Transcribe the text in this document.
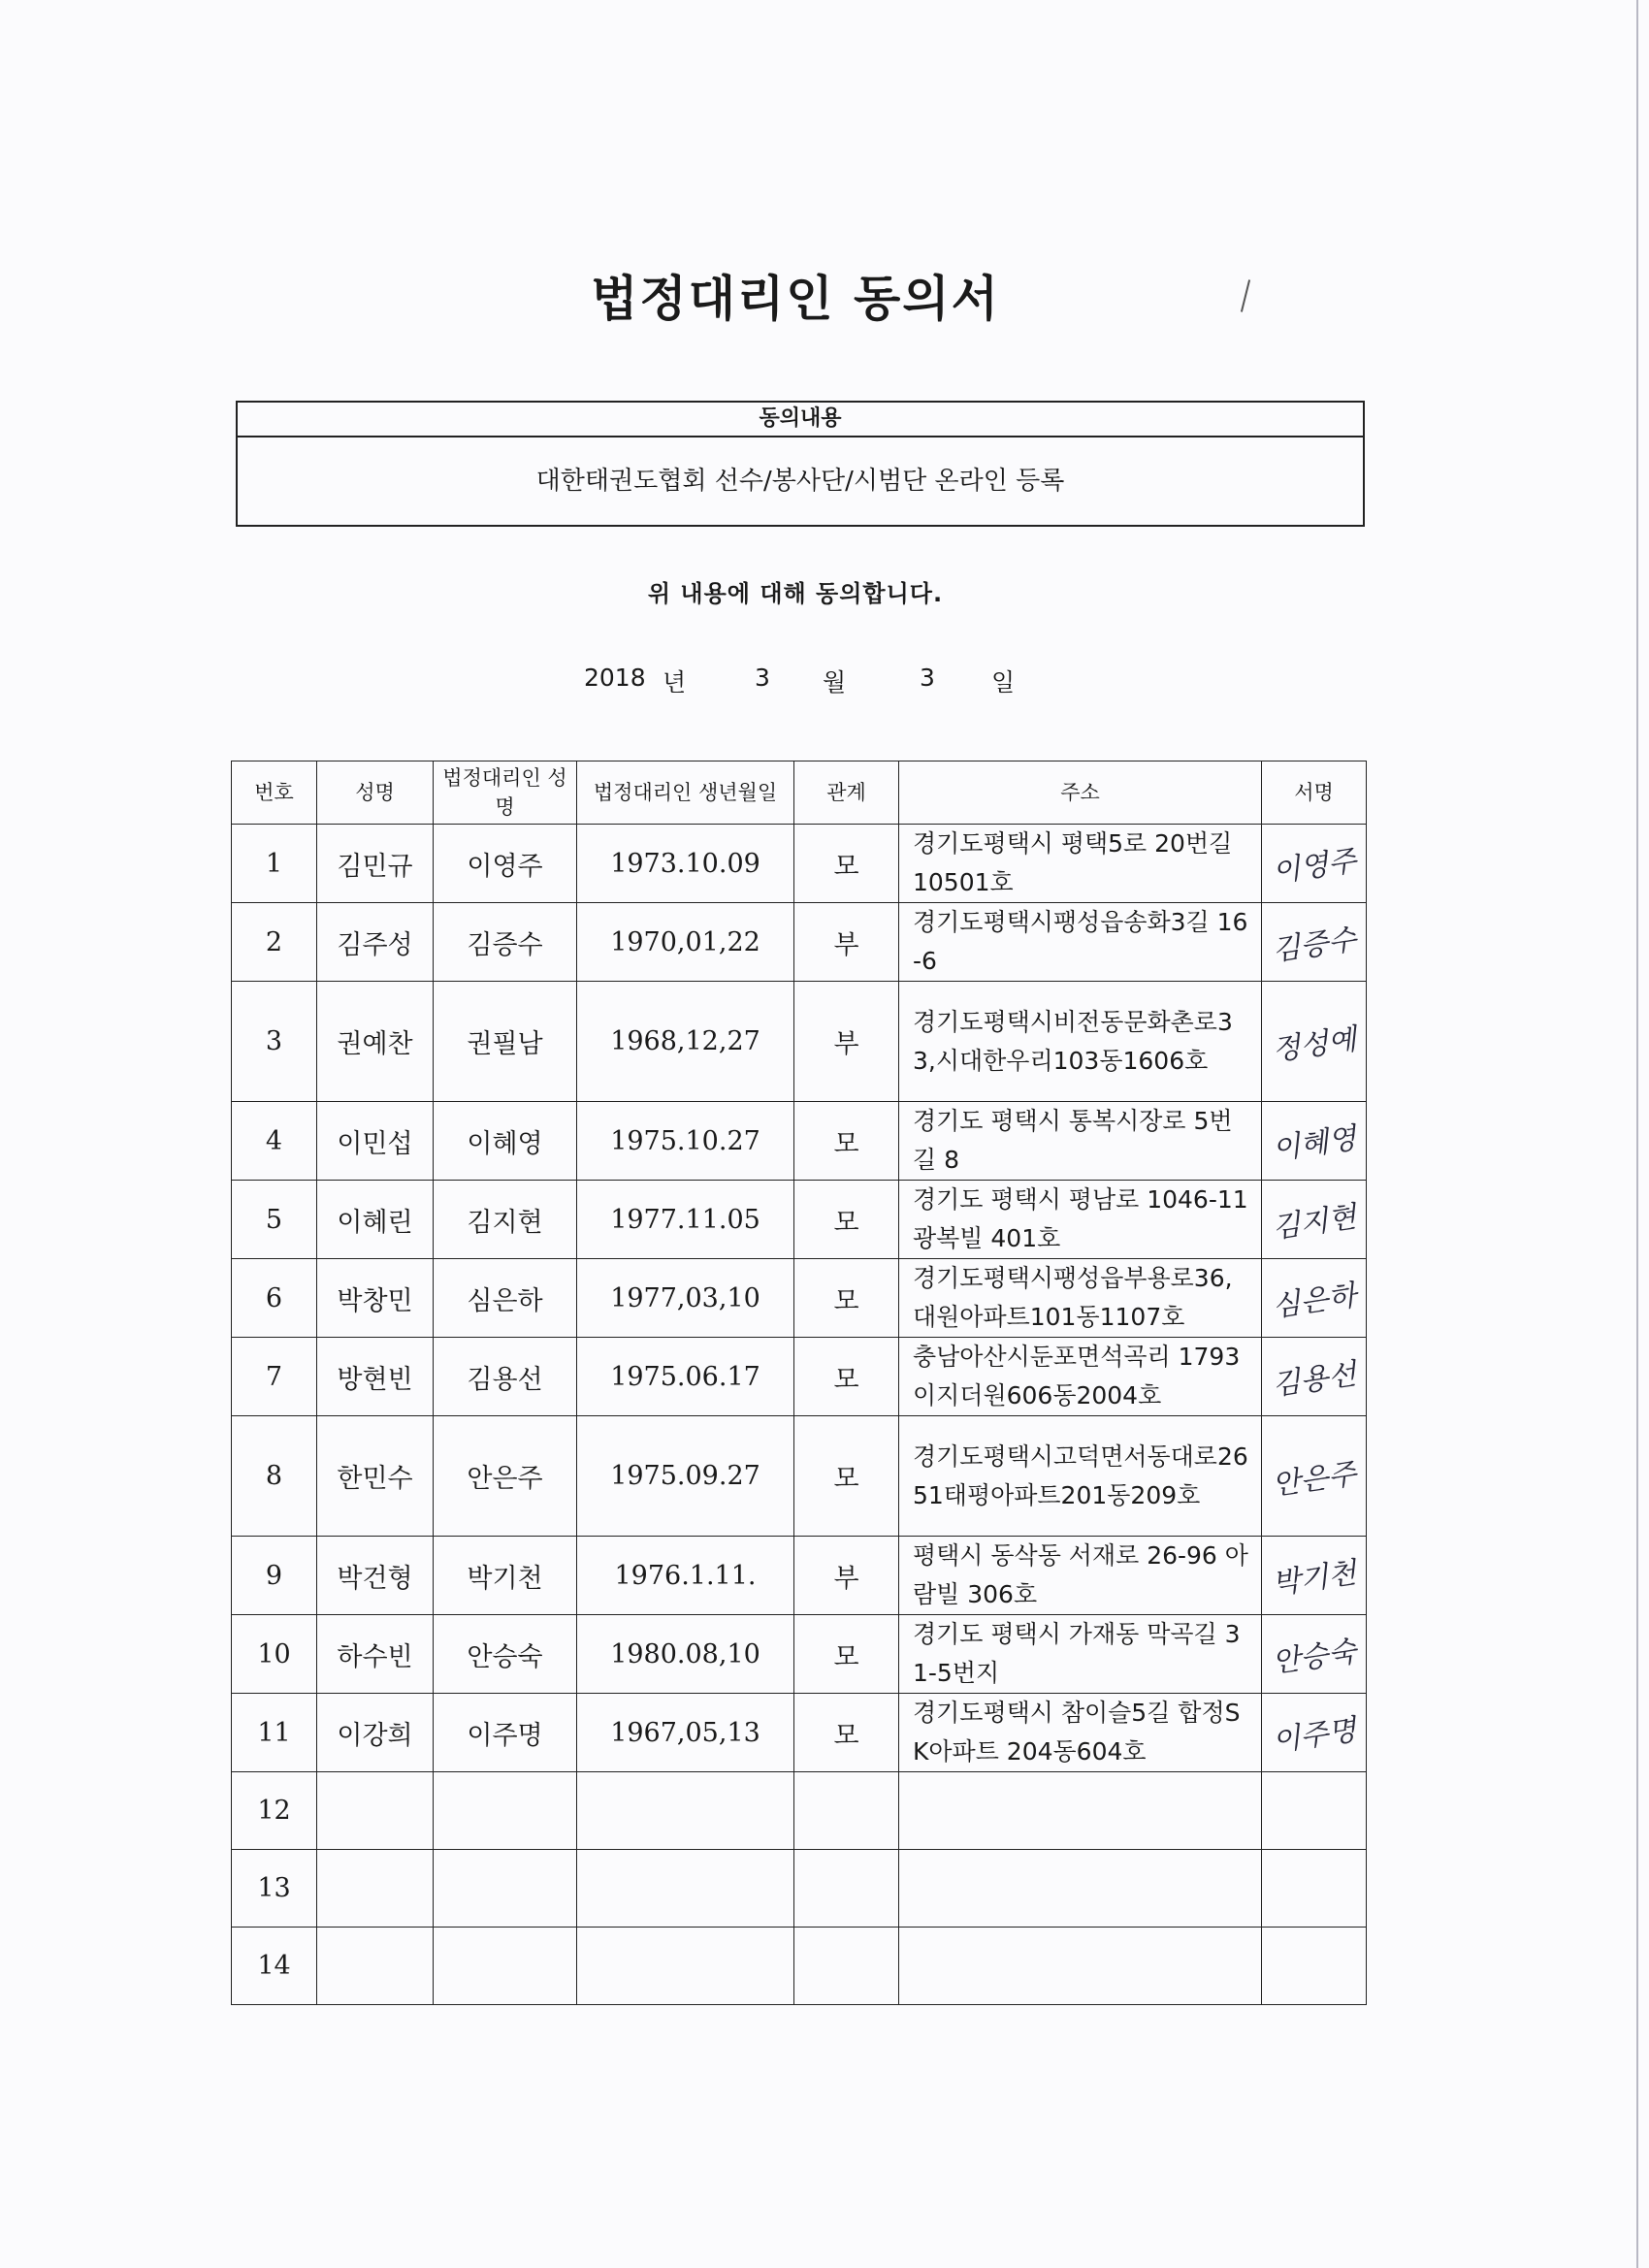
법정대리인 동의서
동의내용
대한태권도협회 선수/봉사단/시범단 온라인 등록
위 내용에 대해 동의합니다.
2018 년	3 월	3 일
번호	성명	법정대리인 성명	법정대리인 생년월일	관계	주소	서명
1	김민규	이영주	1973.10.09	모	경기도평택시 평택5로 20번길 10501호	이영주
2	김주성	김증수	1970,01,22	부	경기도평택시팽성읍송화3길 16-6	김증수
3	권예찬	권필남	1968,12,27	부	경기도평택시비전동문화촌로33,시대한우리103동1606호	정성예
4	이민섭	이혜영	1975.10.27	모	경기도 평택시 통복시장로 5번길 8	이혜영
5	이혜린	김지현	1977.11.05	모	경기도 평택시 평남로 1046-11 광복빌 401호	김지현
6	박창민	심은하	1977,03,10	모	경기도평택시팽성읍부용로36,대원아파트101동1107호	심은하
7	방현빈	김용선	1975.06.17	모	충남아산시둔포면석곡리 1793 이지더원606동2004호	김용선
8	한민수	안은주	1975.09.27	모	경기도평택시고덕면서동대로2651태평아파트201동209호	안은주
9	박건형	박기천	1976.1.11.	부	평택시 동삭동 서재로 26-96 아람빌 306호	박기천
10	하수빈	안승숙	1980.08,10	모	경기도 평택시 가재동 막곡길 31-5번지	안승숙
11	이강희	이주명	1967,05,13	모	경기도평택시 참이슬5길 합정SK아파트 204동604호	이주명
12						
13						
14						
